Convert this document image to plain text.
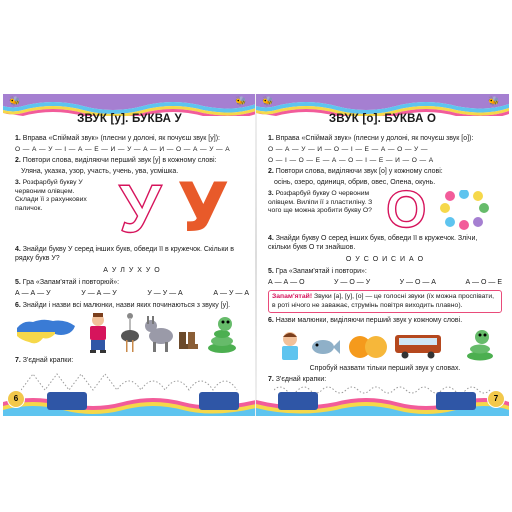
🐝	🐝
ЗВУК [у]. БУКВА У
1. Вправа «Спіймай звук» (плесни у долоні, як почуєш звук [у]):
О — А — У — І — А — Е — И — У — А — И — О — А — У — А
2. Повтори слова, виділяючи перший звук [у] в кожному слові:
Уляна, указка, узор, участь, учень, ува, усмішка.
3. Розфарбуй букву У червоним олівцем. Склади її з рахункових паличок.	У У
4. Знайди букву У серед інших букв, обведи її в кружечок. Скільки в рядку букв У?
А У Л У Х У О
5. Гра «Запам'ятай і повторюй»:
А — А — У	У — А — У	У — У — А	А — У — А
6. Знайди і назви всі малюнки, назви яких починаються з звуку [у].
7. З'єднай крапки:
6
🐝	🐝
ЗВУК [о]. БУКВА О
1. Вправа «Спіймай звук» (плесни у долоні, як почуєш звук [о]):
О — А — У — И — О — І — Е — А — О — У —
О — І — О — Е — А — О — І — Е — И — О — А
2. Повтори слова, виділяючи звук [о] у кожному слові:
осінь, озеро, одиниця, обрив, овес, Олена, окунь.
3. Розфарбуй букву О червоним олівцем. Виліпи її з пластиліну. З чого ще можна зробити букву О? О
4. Знайди букву О серед інших букв, обведи її в кружечок. Злічи, скільки букв О ти знайшов.
О У С О И С И А О
5. Гра «Запам'ятай і повтори»:
А — А — О	У — О — У	У — О — А	А — О — Е
Запам'ятай! Звуки [а], [у], [о] — це голосні звуки (їх можна проспівати, в роті нічого не заважає, струмінь повітря виходить плавно).
6. Назви малюнки, виділяючи перший звук у кожному слові.
Спробуй назвати тільки перший звук у словах.
7. З'єднай крапки:
7
